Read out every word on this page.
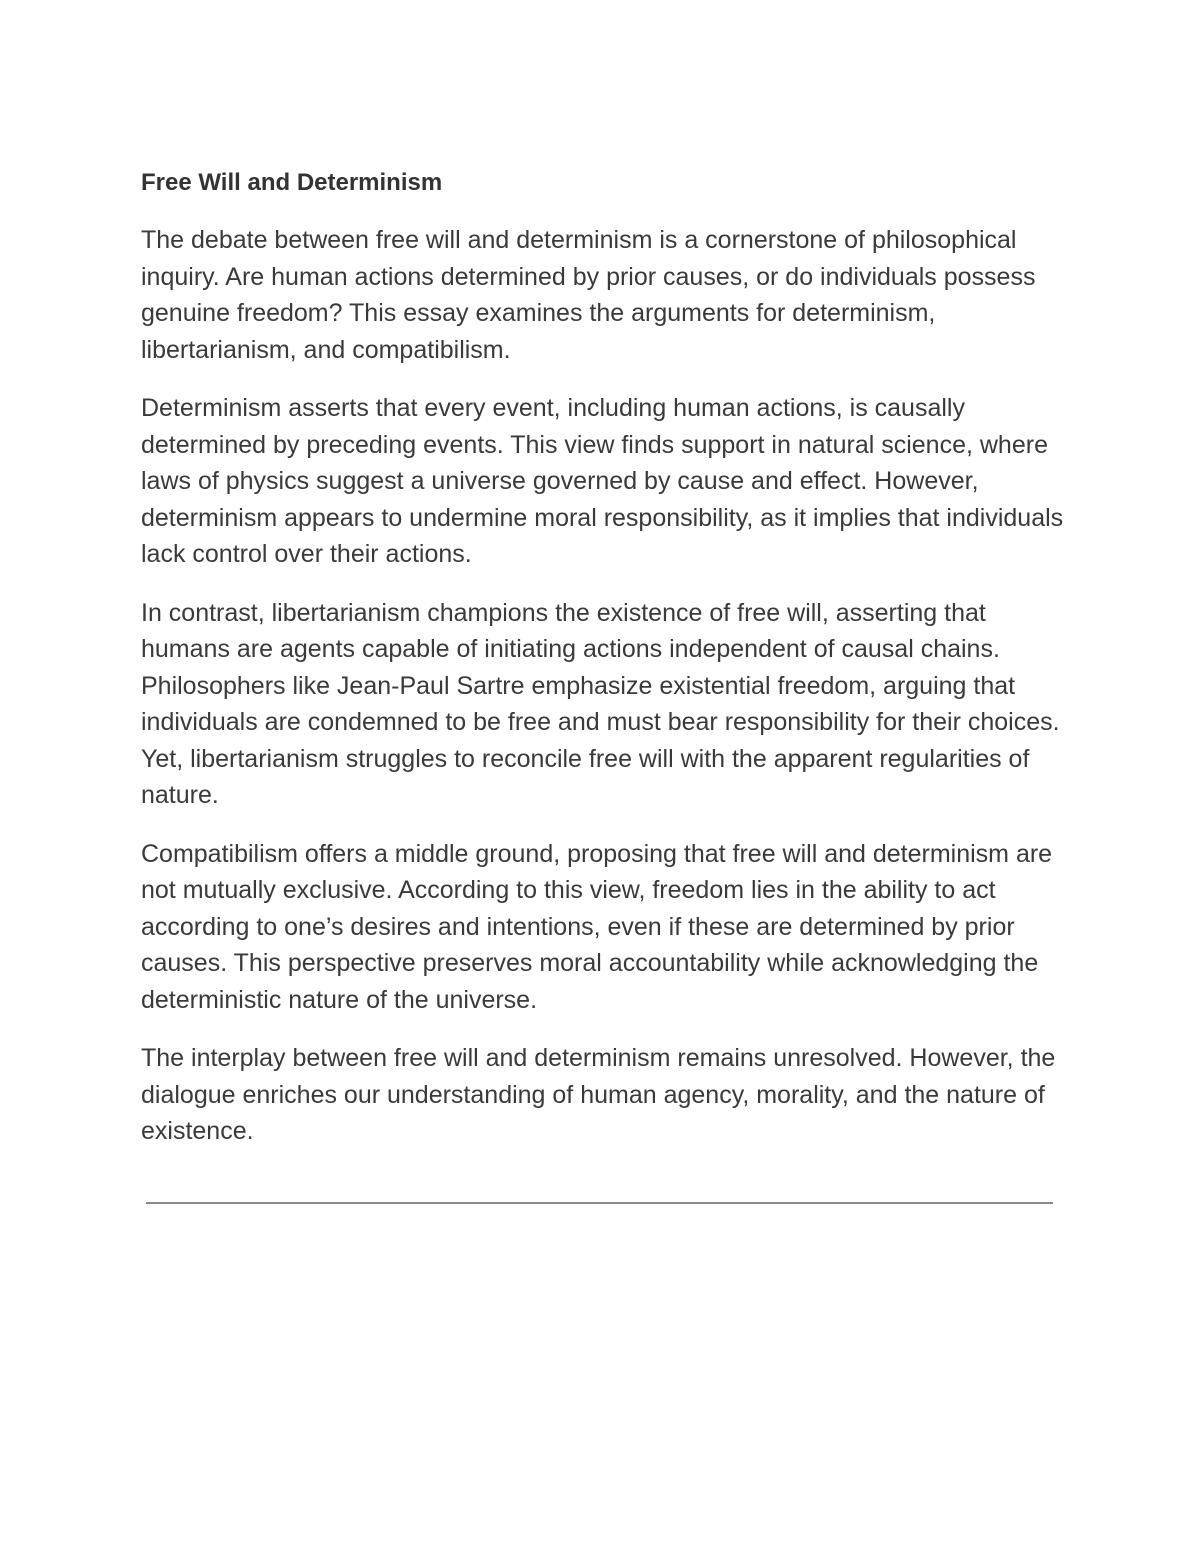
Free Will and Determinism

The debate between free will and determinism is a cornerstone of philosophical inquiry. Are human actions determined by prior causes, or do individuals possess genuine freedom? This essay examines the arguments for determinism, libertarianism, and compatibilism.

Determinism asserts that every event, including human actions, is causally determined by preceding events. This view finds support in natural science, where laws of physics suggest a universe governed by cause and effect. However, determinism appears to undermine moral responsibility, as it implies that individuals lack control over their actions.

In contrast, libertarianism champions the existence of free will, asserting that humans are agents capable of initiating actions independent of causal chains. Philosophers like Jean-Paul Sartre emphasize existential freedom, arguing that individuals are condemned to be free and must bear responsibility for their choices. Yet, libertarianism struggles to reconcile free will with the apparent regularities of nature.

Compatibilism offers a middle ground, proposing that free will and determinism are not mutually exclusive. According to this view, freedom lies in the ability to act according to one’s desires and intentions, even if these are determined by prior causes. This perspective preserves moral accountability while acknowledging the deterministic nature of the universe.

The interplay between free will and determinism remains unresolved. However, the dialogue enriches our understanding of human agency, morality, and the nature of existence.
